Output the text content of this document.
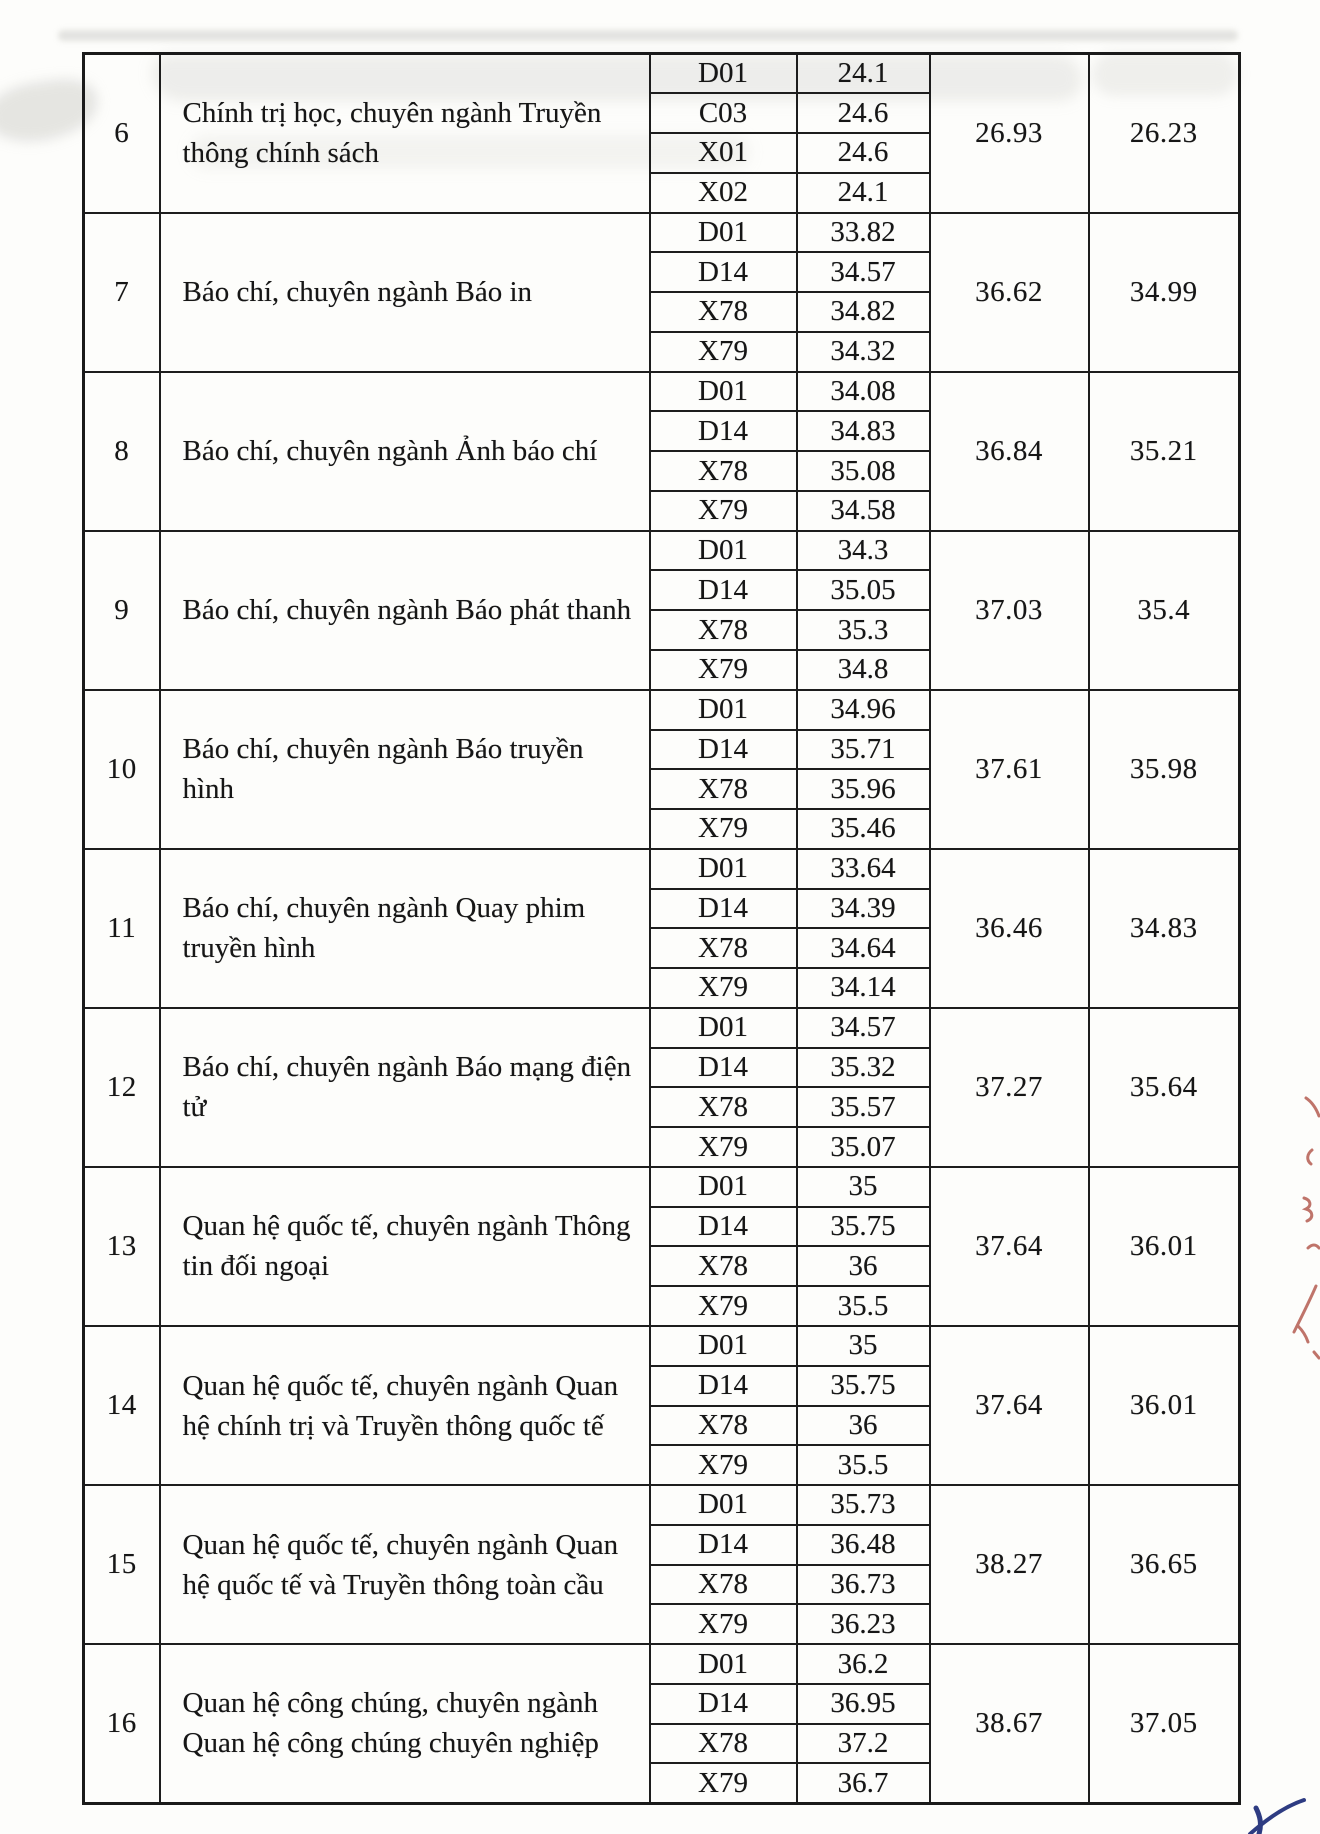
6	Chính trị học, chuyên ngành Truyền thông chính sách	D01	24.1	26.93	26.23
		C03	24.6		
		X01	24.6		
		X02	24.1		
7	Báo chí, chuyên ngành Báo in	D01	33.82	36.62	34.99
		D14	34.57		
		X78	34.82		
		X79	34.32		
8	Báo chí, chuyên ngành Ảnh báo chí	D01	34.08	36.84	35.21
		D14	34.83		
		X78	35.08		
		X79	34.58		
9	Báo chí, chuyên ngành Báo phát thanh	D01	34.3	37.03	35.4
		D14	35.05		
		X78	35.3		
		X79	34.8		
10	Báo chí, chuyên ngành Báo truyền hình	D01	34.96	37.61	35.98
		D14	35.71		
		X78	35.96		
		X79	35.46		
11	Báo chí, chuyên ngành Quay phim truyền hình	D01	33.64	36.46	34.83
		D14	34.39		
		X78	34.64		
		X79	34.14		
12	Báo chí, chuyên ngành Báo mạng điện tử	D01	34.57	37.27	35.64
		D14	35.32		
		X78	35.57		
		X79	35.07		
13	Quan hệ quốc tế, chuyên ngành Thông tin đối ngoại	D01	35	37.64	36.01
		D14	35.75		
		X78	36		
		X79	35.5		
14	Quan hệ quốc tế, chuyên ngành Quan hệ chính trị và Truyền thông quốc tế	D01	35	37.64	36.01
		D14	35.75		
		X78	36		
		X79	35.5		
15	Quan hệ quốc tế, chuyên ngành Quan hệ quốc tế và Truyền thông toàn cầu	D01	35.73	38.27	36.65
		D14	36.48		
		X78	36.73		
		X79	36.23		
16	Quan hệ công chúng, chuyên ngành Quan hệ công chúng chuyên nghiệp	D01	36.2	38.67	37.05
		D14	36.95		
		X78	37.2		
		X79	36.7		
